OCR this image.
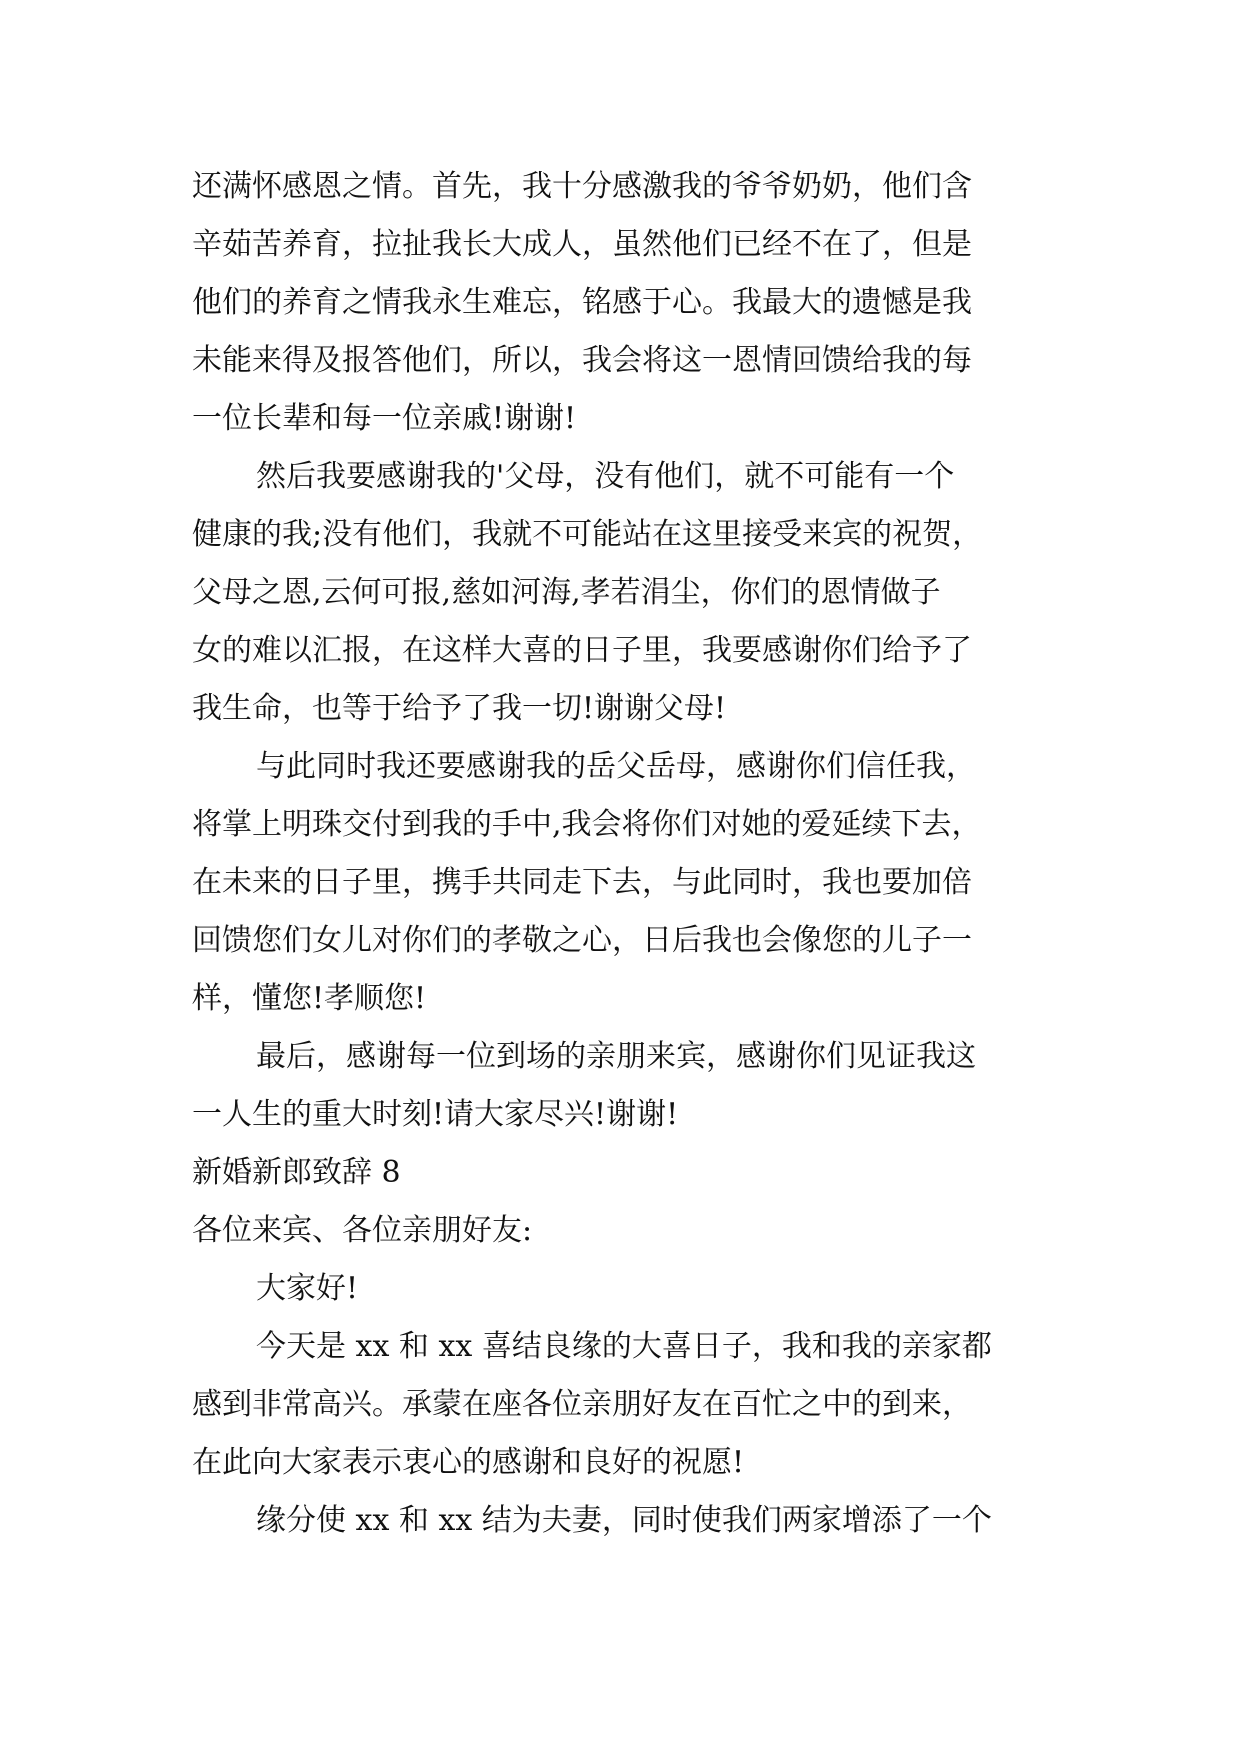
还满怀感恩之情。首先，我十分感激我的爷爷奶奶，他们含
辛茹苦养育，拉扯我长大成人，虽然他们已经不在了，但是
他们的养育之情我永生难忘，铭感于心。我最大的遗憾是我
未能来得及报答他们，所以，我会将这一恩情回馈给我的每
一位长辈和每一位亲戚!谢谢!
然后我要感谢我的'父母，没有他们，就不可能有一个
健康的我;没有他们，我就不可能站在这里接受来宾的祝贺，
父母之恩,云何可报,慈如河海,孝若涓尘，你们的恩情做子
女的难以汇报，在这样大喜的日子里，我要感谢你们给予了
我生命，也等于给予了我一切!谢谢父母!
与此同时我还要感谢我的岳父岳母，感谢你们信任我，
将掌上明珠交付到我的手中,我会将你们对她的爱延续下去，
在未来的日子里，携手共同走下去，与此同时，我也要加倍
回馈您们女儿对你们的孝敬之心，日后我也会像您的儿子一
样，懂您!孝顺您!
最后，感谢每一位到场的亲朋来宾，感谢你们见证我这
一人生的重大时刻!请大家尽兴!谢谢!
新婚新郎致辞 8
各位来宾、各位亲朋好友:
大家好!
今天是 xx 和 xx 喜结良缘的大喜日子，我和我的亲家都
感到非常高兴。承蒙在座各位亲朋好友在百忙之中的到来，
在此向大家表示衷心的感谢和良好的祝愿!
缘分使 xx 和 xx 结为夫妻，同时使我们两家增添了一个
